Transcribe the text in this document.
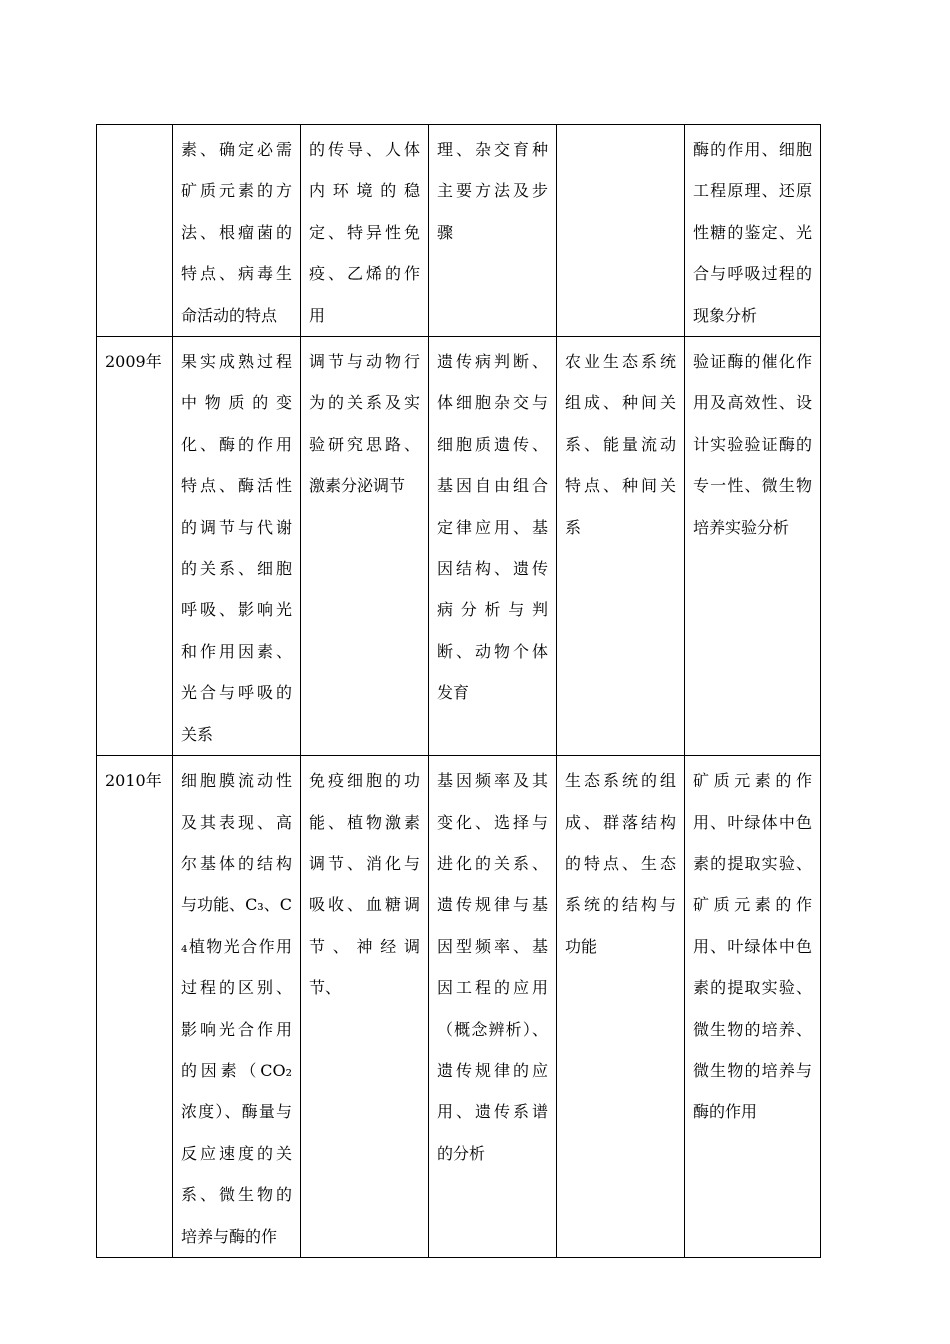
	素、确定必需矿质元素的方法、根瘤菌的特点、病毒生命活动的特点	的传导、人体内环境的稳定、特异性免疫、乙烯的作用	理、杂交育种主要方法及步骤		酶的作用、细胞工程原理、还原性糖的鉴定、光合与呼吸过程的现象分析

2009年	果实成熟过程中物质的变化、酶的作用特点、酶活性的调节与代谢的关系、细胞呼吸、影响光和作用因素、光合与呼吸的关系	调节与动物行为的关系及实验研究思路、激素分泌调节	遗传病判断、体细胞杂交与细胞质遗传、基因自由组合定律应用、基因结构、遗传病分析与判断、动物个体发育	农业生态系统组成、种间关系、能量流动特点、种间关系	验证酶的催化作用及高效性、设计实验验证酶的专一性、微生物培养实验分析

2010年	细胞膜流动性及其表现、高尔基体的结构与功能、C₃、C₄植物光合作用过程的区别、影响光合作用的因素（CO₂浓度）、酶量与反应速度的关系、微生物的培养与酶的作	免疫细胞的功能、植物激素调节、消化与吸收、血糖调节、神经调节、	基因频率及其变化、选择与进化的关系、遗传规律与基因型频率、基因工程的应用（概念辨析）、遗传规律的应用、遗传系谱的分析	生态系统的组成、群落结构的特点、生态系统的结构与功能	矿质元素的作用、叶绿体中色素的提取实验、矿质元素的作用、叶绿体中色素的提取实验、微生物的培养、微生物的培养与酶的作用
